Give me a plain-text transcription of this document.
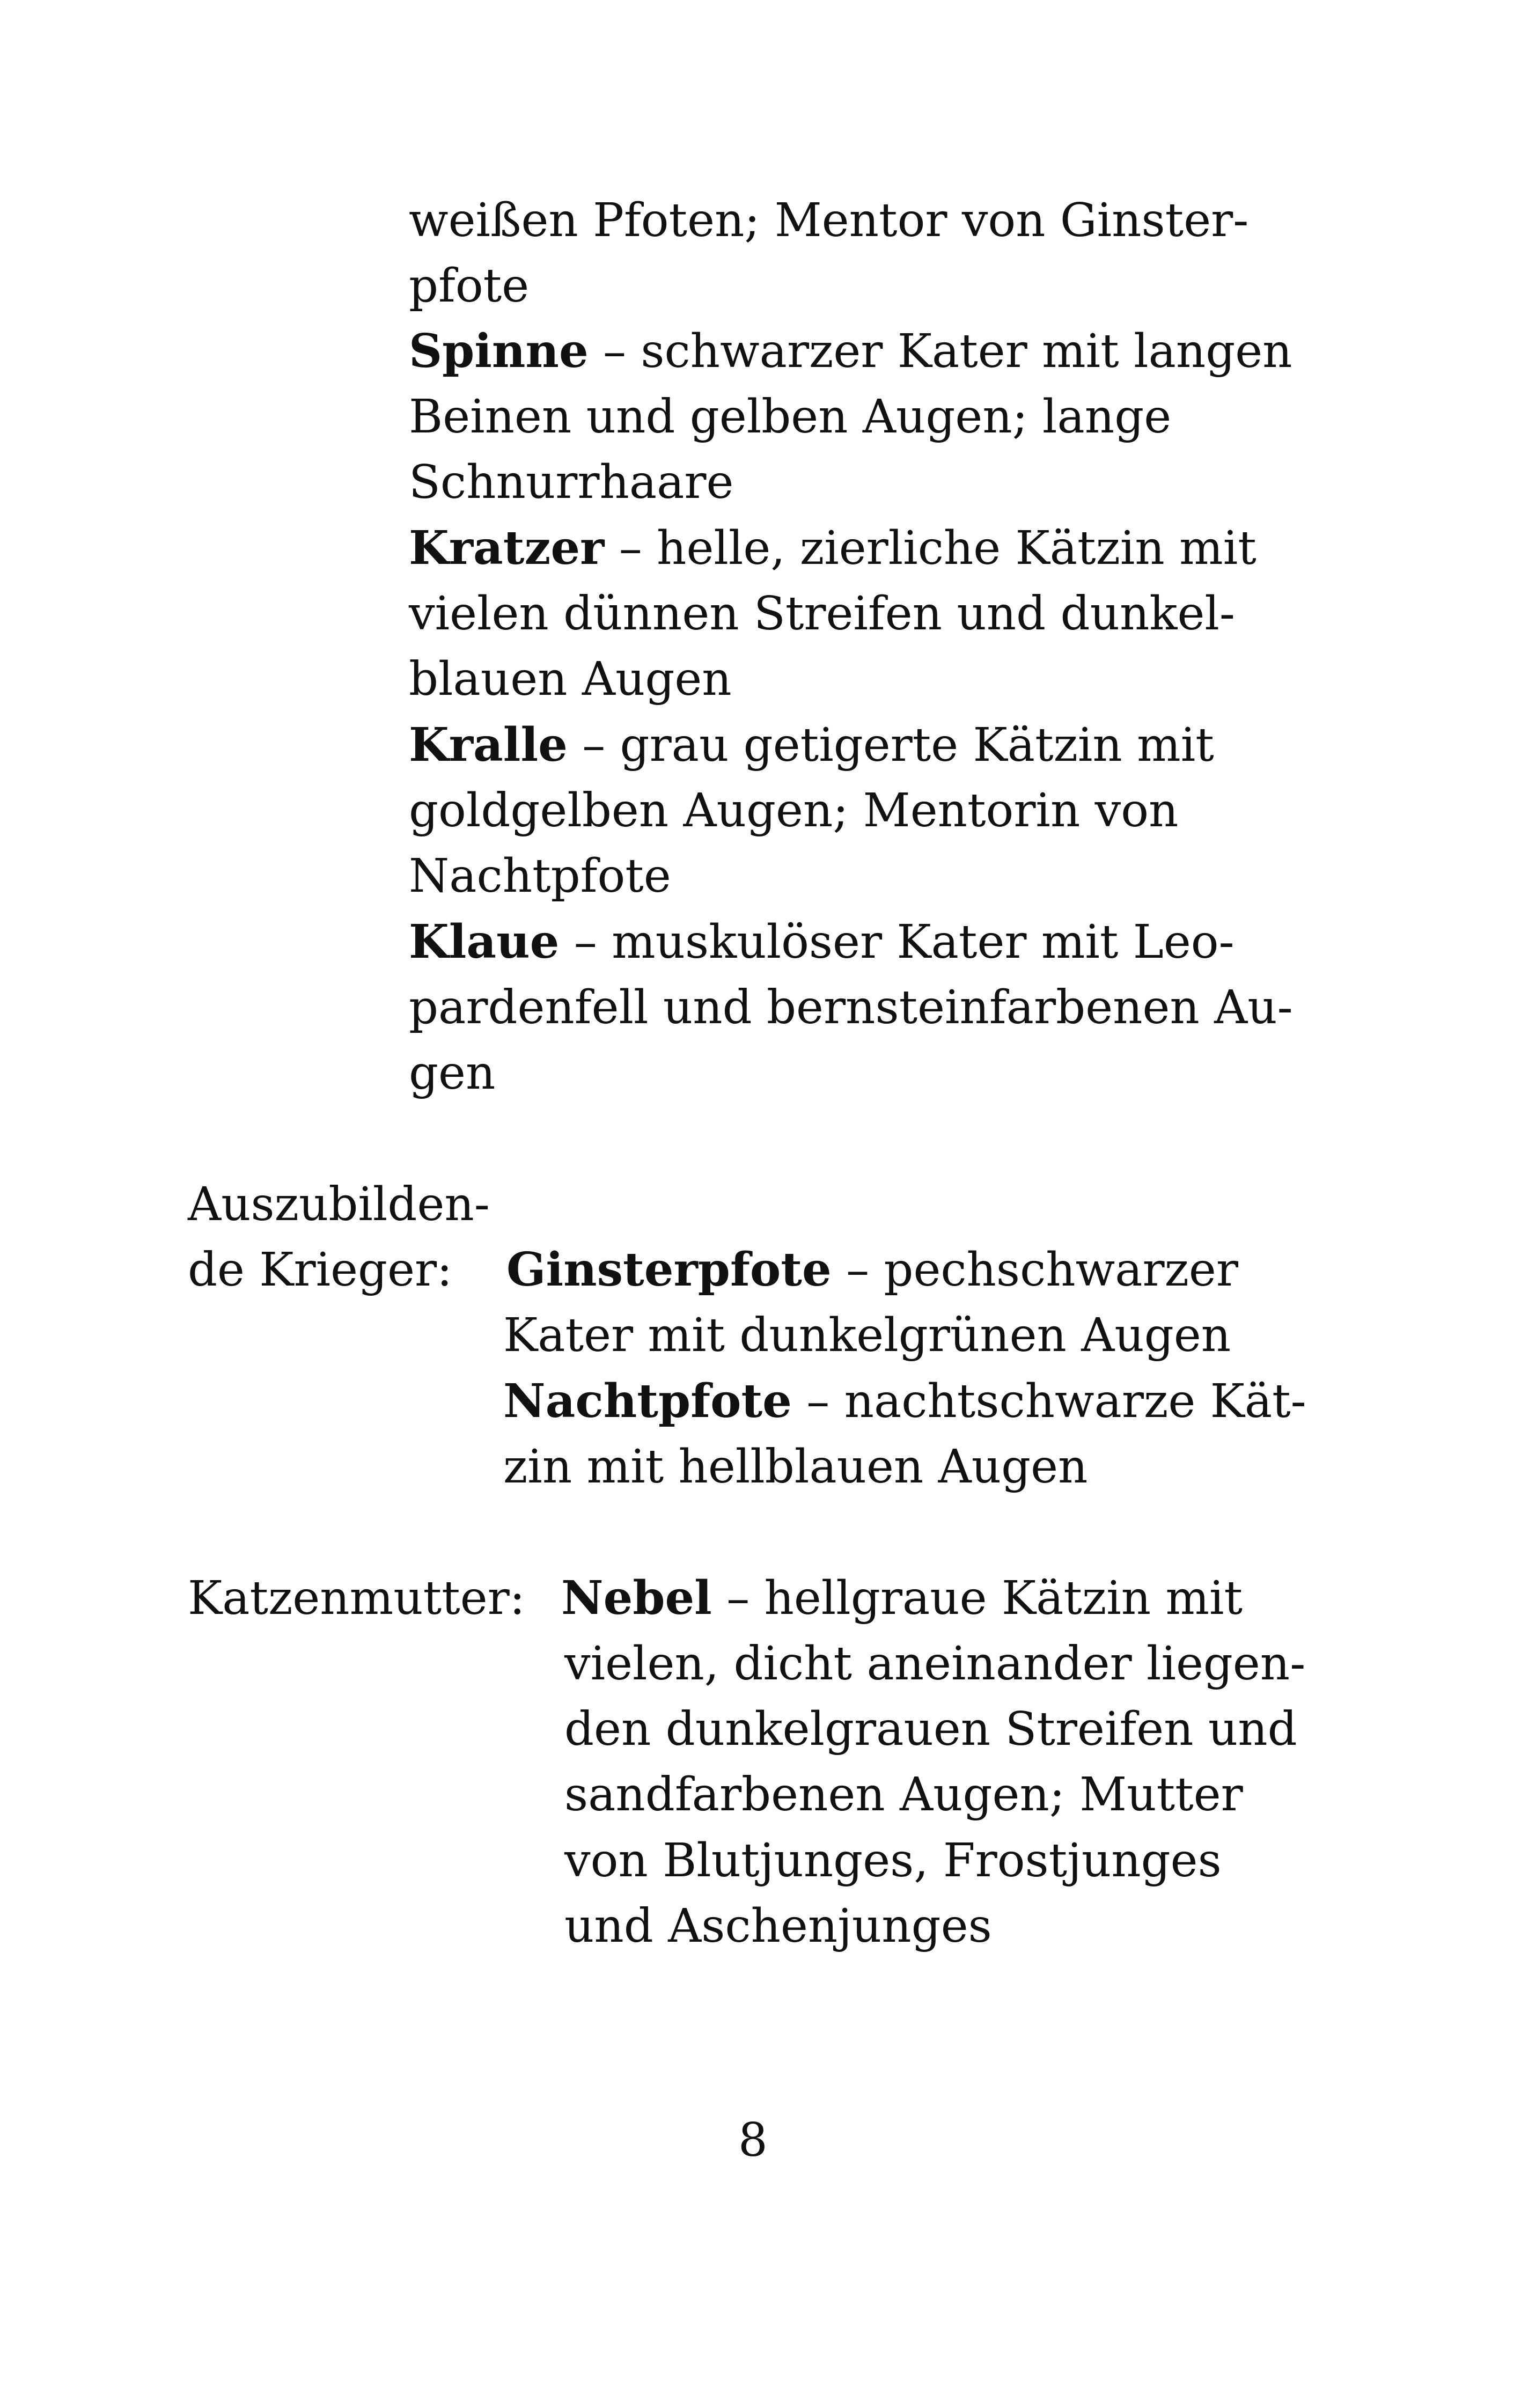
weißen Pfoten; Mentor von Ginster-
pfote
Spinne – schwarzer Kater mit langen
Beinen und gelben Augen; lange
Schnurrhaare
Kratzer – helle, zierliche Kätzin mit
vielen dünnen Streifen und dunkel-
blauen Augen
Kralle – grau getigerte Kätzin mit
goldgelben Augen; Mentorin von
Nachtpfote
Klaue – muskulöser Kater mit Leo-
pardenfell und bernsteinfarbenen Au-
gen
Auszubilden-
de Krieger: Ginsterpfote – pechschwarzer
Kater mit dunkelgrünen Augen
Nachtpfote – nachtschwarze Kät-
zin mit hellblauen Augen
Katzenmutter: Nebel – hellgraue Kätzin mit
vielen, dicht aneinander liegen-
den dunkelgrauen Streifen und
sandfarbenen Augen; Mutter
von Blutjunges, Frostjunges
und Aschenjunges
8
